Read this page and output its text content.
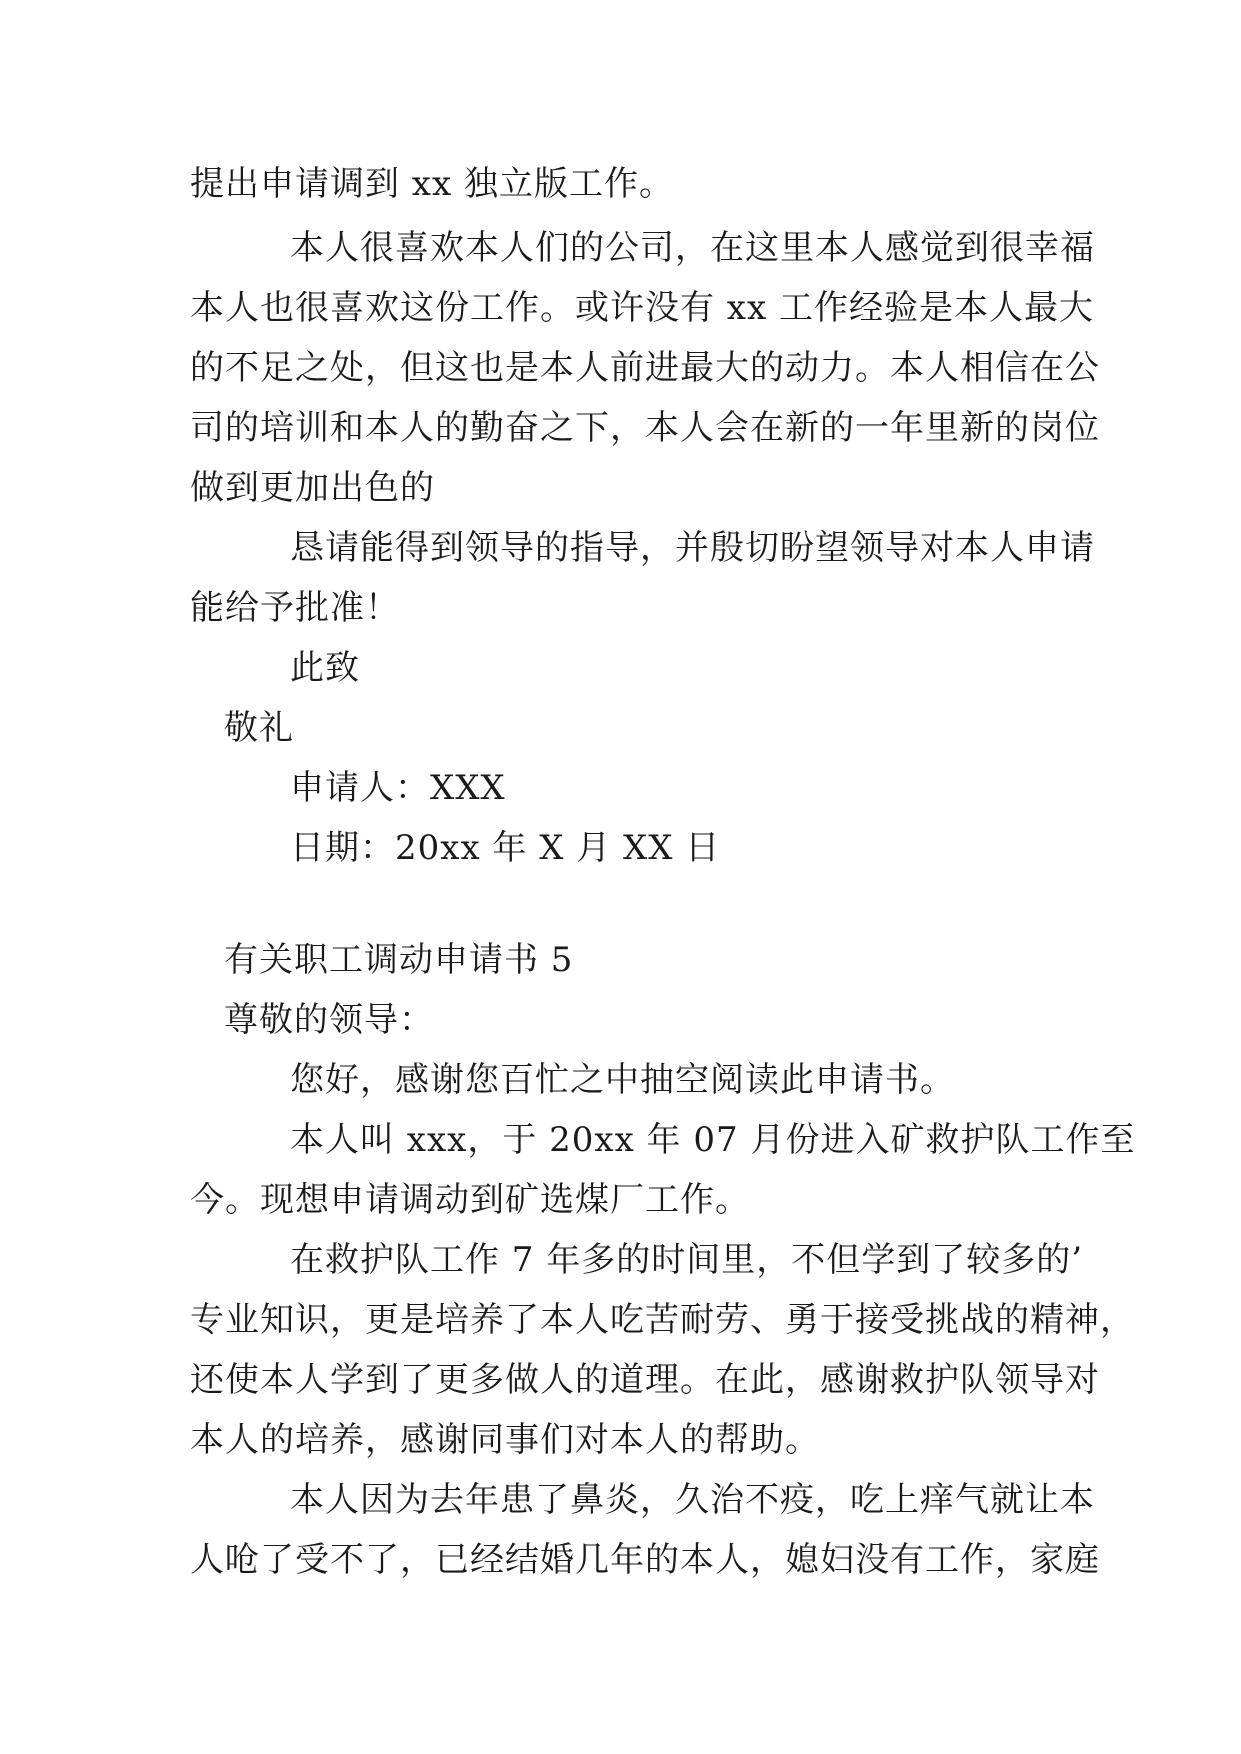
提出申请调到 xx 独立版工作。
本人很喜欢本人们的公司，在这里本人感觉到很幸福
本人也很喜欢这份工作。或许没有 xx 工作经验是本人最大
的不足之处，但这也是本人前进最大的动力。本人相信在公
司的培训和本人的勤奋之下，本人会在新的一年里新的岗位
做到更加出色的
恳请能得到领导的指导，并殷切盼望领导对本人申请
能给予批准！
此致
敬礼
申请人：XXX
日期：20xx 年 X 月 XX 日
有关职工调动申请书 5
尊敬的领导：
您好，感谢您百忙之中抽空阅读此申请书。
本人叫 xxx，于 20xx 年 07 月份进入矿救护队工作至
今。现想申请调动到矿选煤厂工作。
在救护队工作 7 年多的时间里，不但学到了较多的’
专业知识，更是培养了本人吃苦耐劳、勇于接受挑战的精神，
还使本人学到了更多做人的道理。在此，感谢救护队领导对
本人的培养，感谢同事们对本人的帮助。
本人因为去年患了鼻炎，久治不疫，吃上痒气就让本
人呛了受不了，已经结婚几年的本人，媳妇没有工作，家庭
